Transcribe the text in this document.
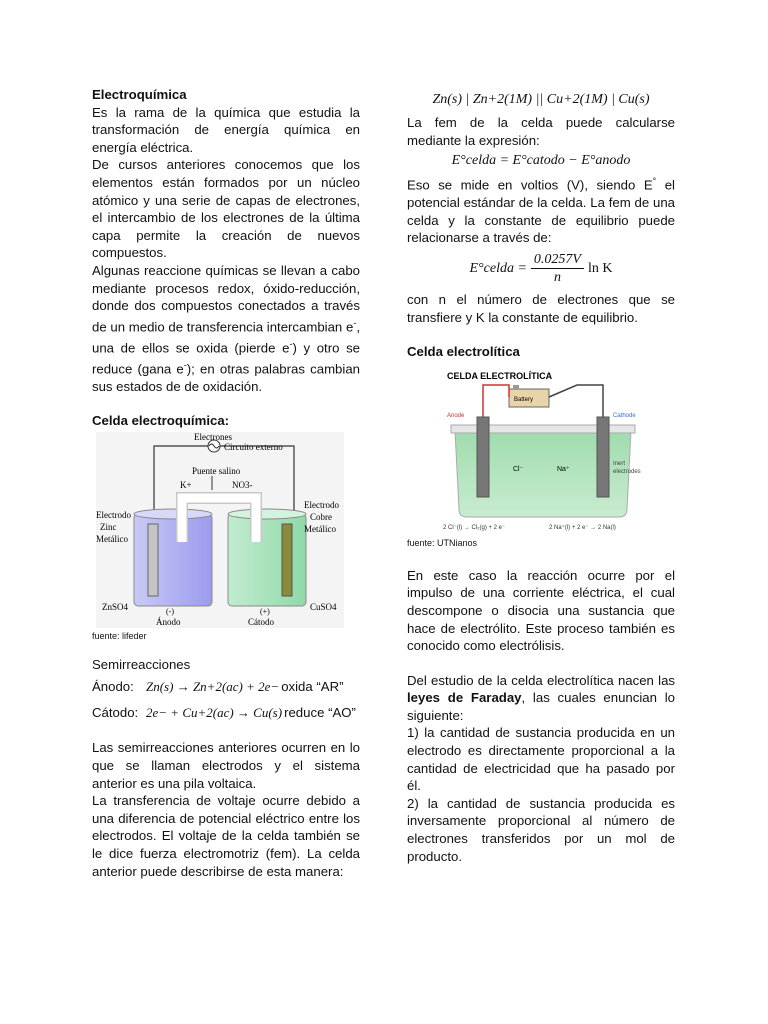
Electroquímica

Es la rama de la química que estudia la transformación de energía química en energía eléctrica.

De cursos anteriores conocemos que los elementos están formados por un núcleo atómico y una serie de capas de electrones, el intercambio de los electrones de la última capa permite la creación de nuevos compuestos.

Algunas reaccione químicas se llevan a cabo mediante procesos redox, óxido-reducción, donde dos compuestos conectados a través de un medio de transferencia intercambian e-, una de ellos se oxida (pierde e-) y otro se reduce (gana e-); en otras palabras cambian sus estados de de oxidación.

Celda electroquímica:

Electrones
Circuito externo
Puente salino
K+	NO3-
Electrodo
Zinc
Metálico
Electrodo
Cobre
Metálico
ZnSO4	CuSO4
(-)	(+)
Ánodo	Cátodo

fuente: lifeder

Semirreacciones

Ánodo: Zn(s) → Zn+2(ac) + 2e− oxida “AR”
Cátodo: 2e− + Cu+2(ac) → Cu(s) reduce “AO”

Las semirreacciones anteriores ocurren en lo que se llaman electrodos y el sistema anterior es una pila voltaica.

La transferencia de voltaje ocurre debido a una diferencia de potencial eléctrico entre los electrodos. El voltaje de la celda también se le dice fuerza electromotriz (fem). La celda anterior puede describirse de esta manera:

Zn(s) | Zn+2(1M) || Cu+2(1M) | Cu(s)

La fem de la celda puede calcularse mediante la expresión:

E°celda = E°catodo − E°anodo

Eso se mide en voltios (V), siendo E° el potencial estándar de la celda. La fem de una celda y la constante de equilibrio puede relacionarse a través de:

E°celda = $\frac{0.0257V}{n}$ ln K

con n el número de electrones que se transfiere y K la constante de equilibrio.

Celda electrolítica

CELDA ELECTROLÍTICA
Battery
Anode	Cathode
Cl⁻	Na⁺
Inert
electrodes
2 Cl⁻(l) → Cl₂(g) + 2 e⁻	2 Na⁺(l) + 2 e⁻ → 2 Na(l)

fuente: UTNianos

En este caso la reacción ocurre por el impulso de una corriente eléctrica, el cual descompone o disocia una sustancia que hace de electrólito. Este proceso también es conocido como electrólisis.

Del estudio de la celda electrolítica nacen las leyes de Faraday, las cuales enuncian lo siguiente:

1) la cantidad de sustancia producida en un electrodo es directamente proporcional a la cantidad de electricidad que ha pasado por él.

2) la cantidad de sustancia producida es inversamente proporcional al número de electrones transferidos por un mol de producto.
